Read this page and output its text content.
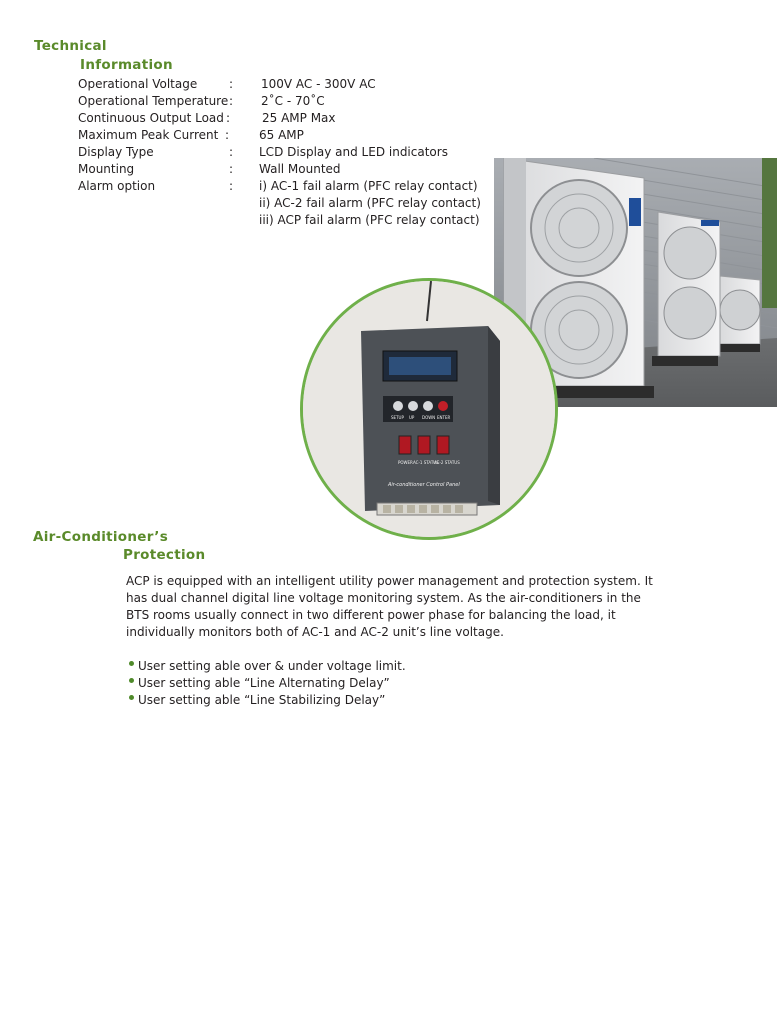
Technical
Information
Operational Voltage	: 100V AC - 300V AC
Operational Temperature : 2˚C - 70˚C
Continuous Output Load :	25 AMP Max
Maximum Peak Current : 65 AMP
Display Type	: LCD Display and LED indicators
Mounting	: Wall Mounted
Alarm option	: i) AC-1 fail alarm (PFC relay contact)
ii) AC-2 fail alarm (PFC relay contact)
iii) ACP fail alarm (PFC relay contact)
SETUP UP DOWN ENTER
POWER AC-1 STATUS
AC-2 STATUS
Air-conditioner Control Panel
Air-Conditioner’s
Protection

ACP is equipped with an intelligent utility power management and protection system. It has dual channel digital line voltage monitoring system. As the air-conditioners in the BTS rooms usually connect in two different power phase for balancing the load, it individually monitors both of AC-1 and AC-2 unit’s line voltage.

User setting able over & under voltage limit.
User setting able “Line Alternating Delay”
User setting able “Line Stabilizing Delay”
